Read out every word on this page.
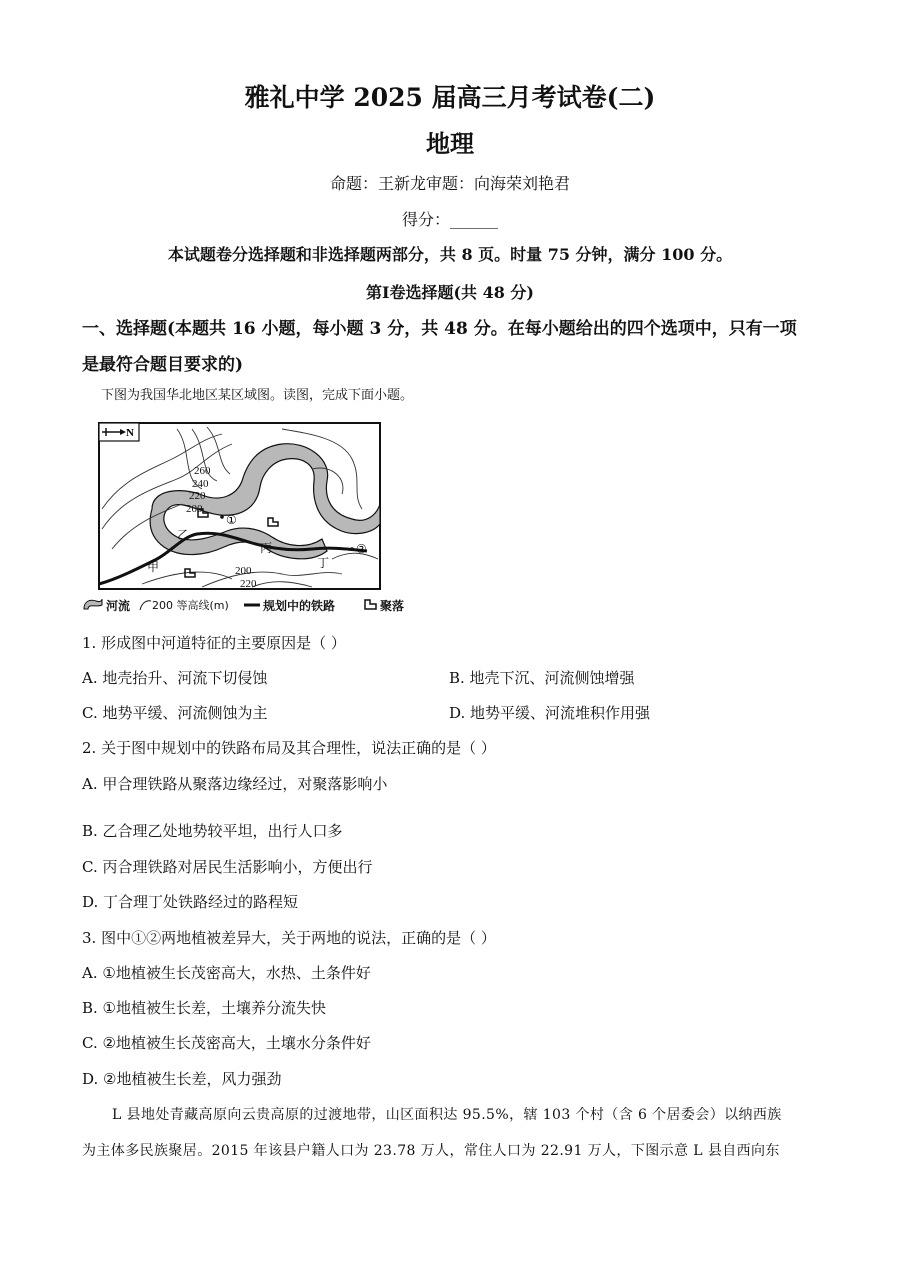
雅礼中学 2025 届高三月考试卷(二)
地理
命题：王新龙审题：向海荣刘艳君
得分：______
本试题卷分选择题和非选择题两部分，共 8 页。时量 75 分钟，满分 100 分。
第Ⅰ卷选择题(共 48 分)
一、选择题(本题共 16 小题，每小题 3 分，共 48 分。在每小题给出的四个选项中，只有一项
是最符合题目要求的)
下图为我国华北地区某区域图。读图，完成下面小题。
N
260
240
220
200
200
220
甲
乙
丙
丁
①
②
河流 200 等高线(m)	规划中的铁路	聚落
1. 形成图中河道特征的主要原因是（ ）
A. 地壳抬升、河流下切侵蚀	B. 地壳下沉、河流侧蚀增强
C. 地势平缓、河流侧蚀为主	D. 地势平缓、河流堆积作用强
2. 关于图中规划中的铁路布局及其合理性，说法正确的是（ ）
A. 甲合理铁路从聚落边缘经过，对聚落影响小
B. 乙合理乙处地势较平坦，出行人口多
C. 丙合理铁路对居民生活影响小，方便出行
D. 丁合理丁处铁路经过的路程短
3. 图中①②两地植被差异大，关于两地的说法，正确的是（ ）
A. ①地植被生长茂密高大，水热、土条件好
B. ①地植被生长差，土壤养分流失快
C. ②地植被生长茂密高大，土壤水分条件好
D. ②地植被生长差，风力强劲
L 县地处青藏高原向云贵高原的过渡地带，山区面积达 95.5%，辖 103 个村（含 6 个居委会）以纳西族
为主体多民族聚居。2015 年该县户籍人口为 23.78 万人，常住人口为 22.91 万人，下图示意 L 县自西向东
